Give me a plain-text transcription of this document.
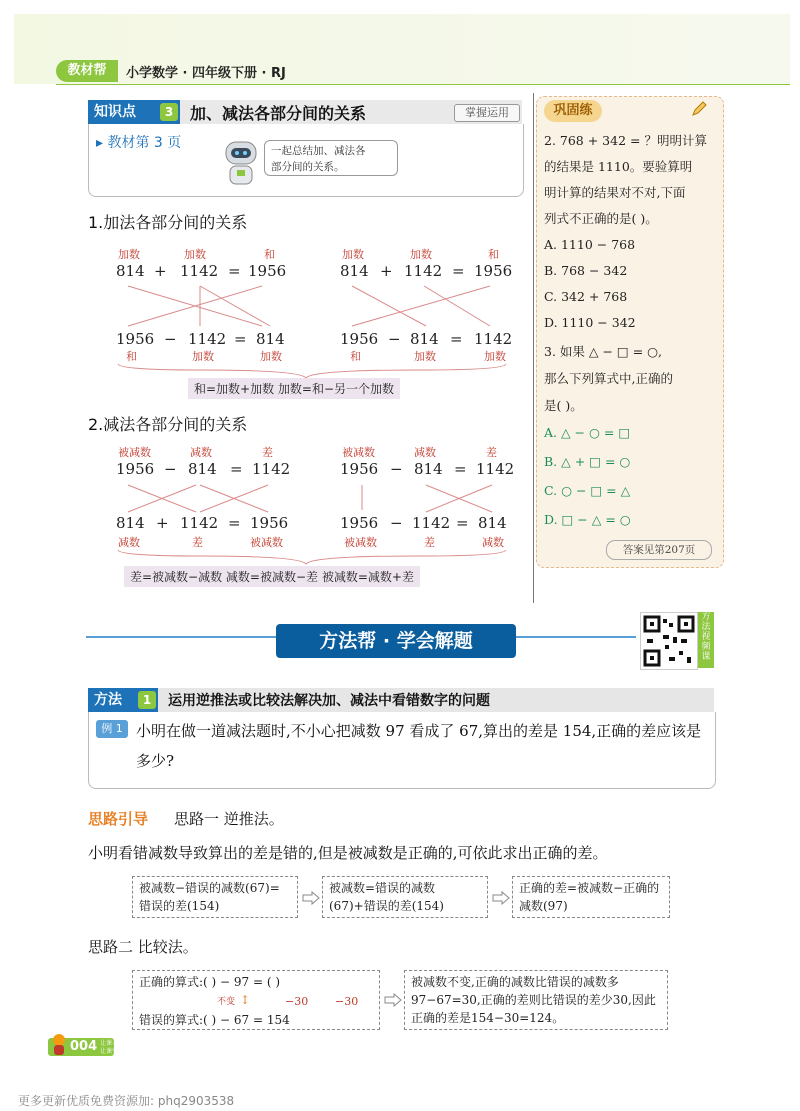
教材帮	小学数学 · 四年级下册 · RJ
知识点	3	加、减法各部分间的关系	掌握运用
▸ 教材第 3 页	一起总结加、减法各
部分间的关系。
1.加法各部分间的关系
加数	加数	和
814 + 1142 = 1956
1956 − 1142 = 814
和	加数	加数
加数	加数	和
814 + 1142 = 1956
1956 − 814 = 1142
和	加数	加数
和=加数+加数 加数=和−另一个加数
2.减法各部分间的关系
被减数	减数	差
1956 − 814 = 1142
814 + 1142 = 1956
减数	差	被减数
被减数	减数	差
1956 − 814 = 1142
1956 − 1142 = 814
被减数	差	减数
差=被减数−减数 减数=被减数−差 被减数=减数+差
巩固练
2. 768 + 342 = ？明明计算
的结果是 1110。要验算明
明计算的结果对不对,下面
列式不正确的是( )。
A. 1110 − 768
B. 768 − 342
C. 342 + 768
D. 1110 − 342
3. 如果 △ − □ = ○,
那么下列算式中,正确的
是( )。
A. △ − ○ = □
B. △ + □ = ○
C. ○ − □ = △
D. □ − △ = ○
答案见第207页
方法帮 · 学会解题
方法视频课
方法	1	运用逆推法或比较法解决加、减法中看错数字的问题
例 1 小明在做一道减法题时,不小心把减数 97 看成了 67,算出的差是 154,正确的差应该是多少?
思路引导 思路一 逆推法。
小明看错减数导致算出的差是错的,但是被减数是正确的,可依此求出正确的差。
被减数−错误的减数(67)=错误的差(154)
被减数=错误的减数(67)+错误的差(154)
正确的差=被减数−正确的减数(97)
思路二 比较法。
正确的算式:( ) − 97 = ( )
不变 ↕	−30 −30
错误的算式:( ) − 67 = 154
被减数不变,正确的减数比错误的减数多97−67=30,正确的差则比错误的差少30,因此正确的差是154−30=124。
004 让课本有趣
让课堂高效
更多更新优质免费资源加: phq2903538
